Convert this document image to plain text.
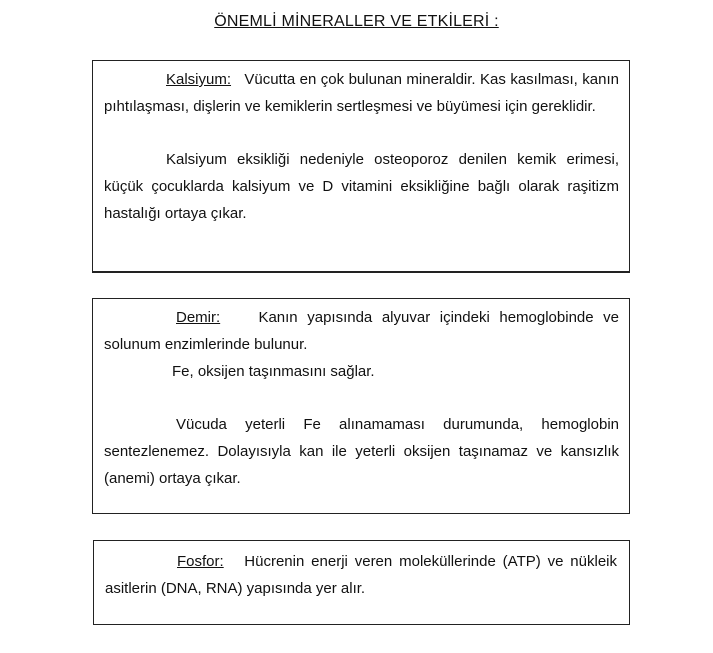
ÖNEMLİ MİNERALLER VE ETKİLERİ :

Kalsiyum: Vücutta en çok bulunan mineraldir. Kas kasılması, kanın pıhtılaşması, dişlerin ve kemiklerin sertleşmesi ve büyümesi için gereklidir.

Kalsiyum eksikliği nedeniyle osteoporoz denilen kemik erimesi, küçük çocuklarda kalsiyum ve D vitamini eksikliğine bağlı olarak raşitizm hastalığı ortaya çıkar.

Demir:	Kanın yapısında alyuvar içindeki hemoglobinde ve solunum enzimlerinde bulunur.

Fe, oksijen taşınmasını sağlar.

Vücuda yeterli Fe alınamaması durumunda, hemoglobin sentezlenemez. Dolayısıyla kan ile yeterli oksijen taşınamaz ve kansızlık (anemi) ortaya çıkar.

Fosfor: Hücrenin enerji veren moleküllerinde (ATP) ve nükleik asitlerin (DNA, RNA) yapısında yer alır.
